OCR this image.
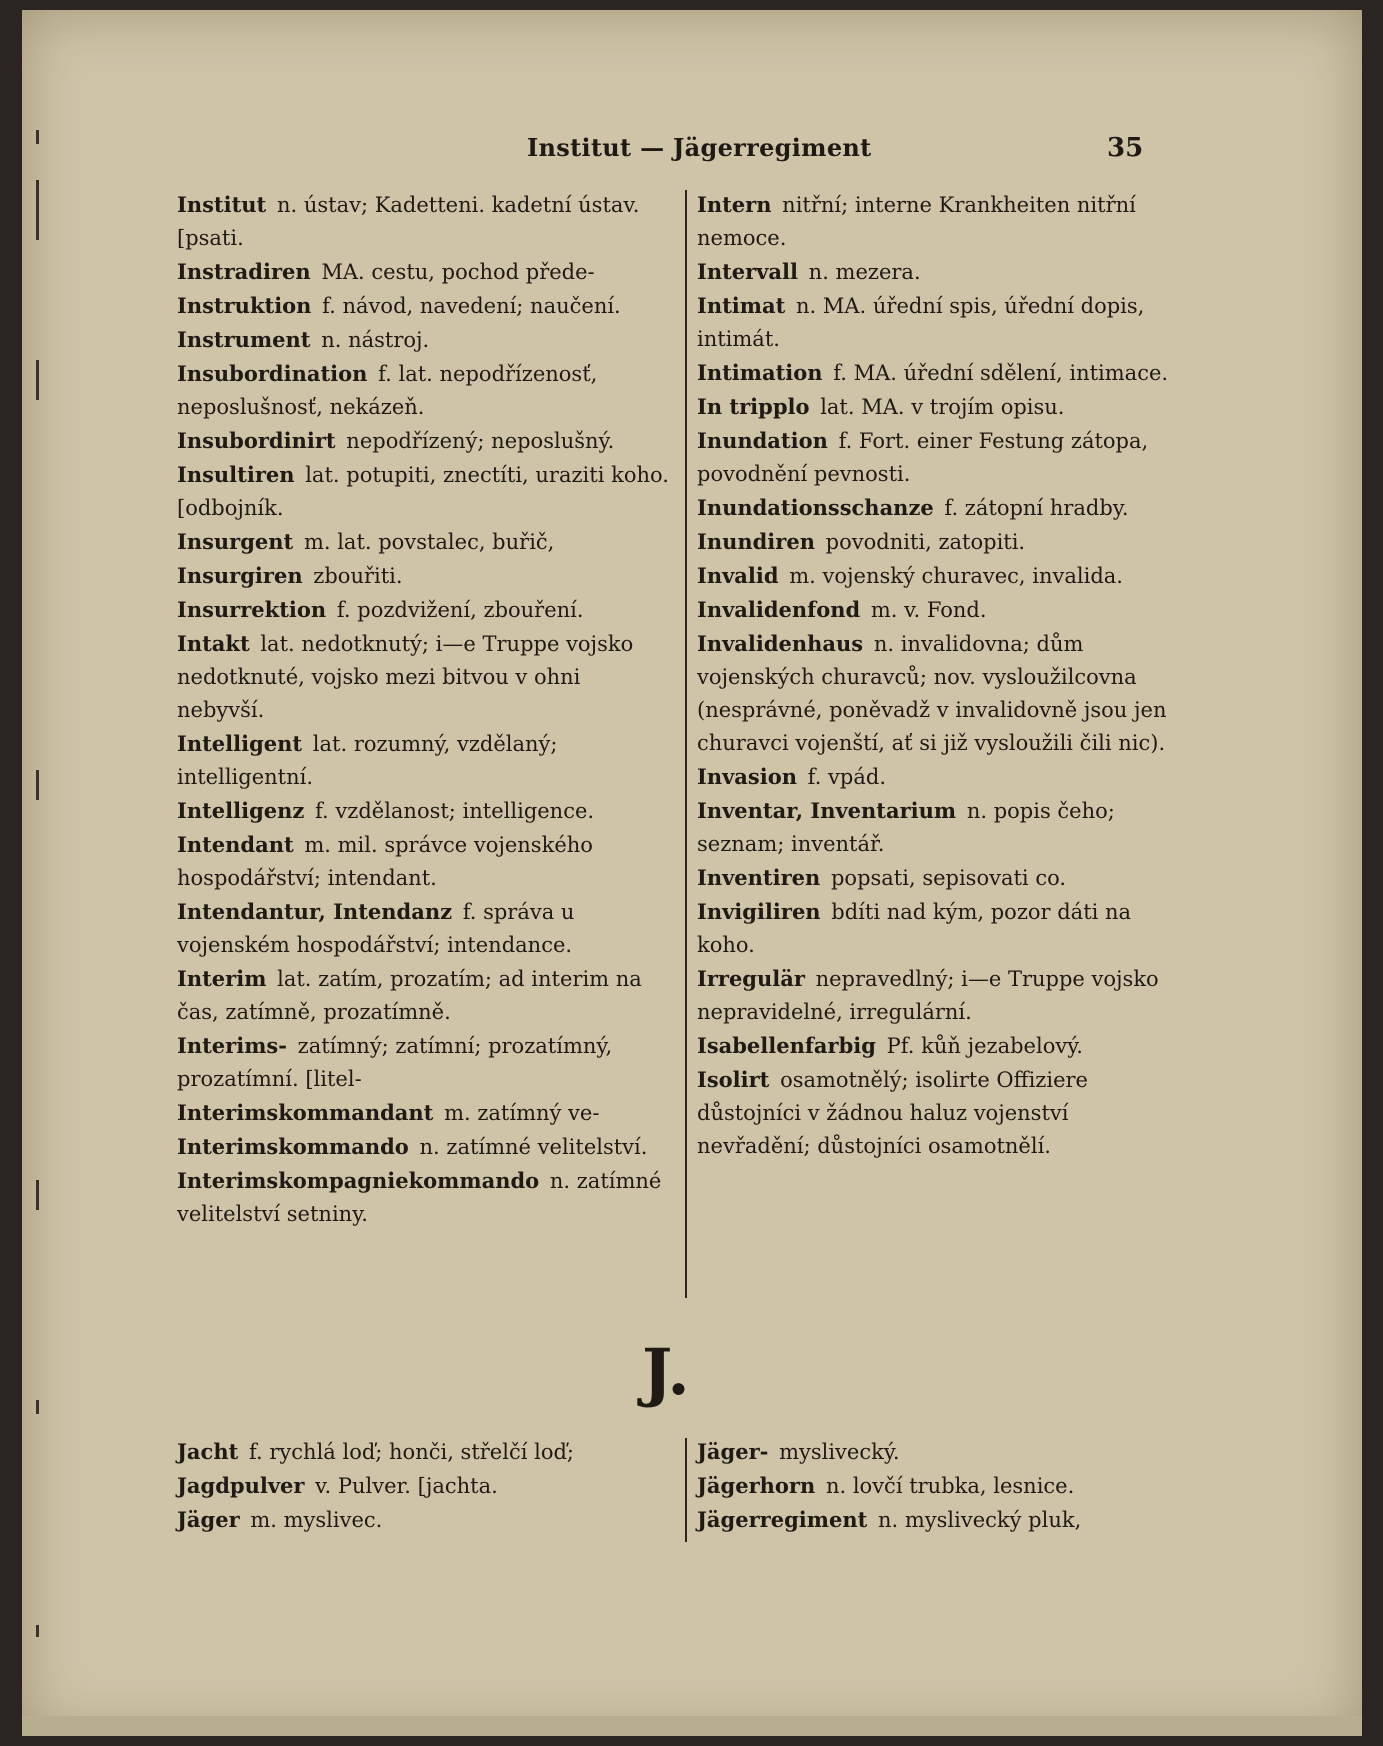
Institut — Jägerregiment	35

Institut n. ústav; Kadetteni. kadetní ústav. [psati.

Instradiren MA. cestu, pochod přede-

Instruktion f. návod, navedení; naučení.

Instrument n. nástroj.

Insubordination f. lat. nepodřízenosť, neposlušnosť, nekázeň.

Insubordinirt nepodřízený; neposlušný.

Insultiren lat. potupiti, znectíti, uraziti koho. [odbojník.

Insurgent m. lat. povstalec, buřič,

Insurgiren zbouřiti.

Insurrektion f. pozdvižení, zbouření.

Intakt lat. nedotknutý; i—e Truppe vojsko nedotknuté, vojsko mezi bitvou v ohni nebyvší.

Intelligent lat. rozumný, vzdělaný; intelligentní.

Intelligenz f. vzdělanost; intelligence.

Intendant m. mil. správce vojenského hospodářství; intendant.

Intendantur, Intendanz f. správa u vojenském hospodářství; intendance.

Interim lat. zatím, prozatím; ad interim na čas, zatímně, prozatímně.

Interims- zatímný; zatímní; prozatímný, prozatímní. [litel-

Interimskommandant m. zatímný ve-

Interimskommando n. zatímné velitelství.

Interimskompagniekommando n. zatímné velitelství setniny.

Intern nitřní; interne Krankheiten nitřní nemoce.

Intervall n. mezera.

Intimat n. MA. úřední spis, úřední dopis, intimát.

Intimation f. MA. úřední sdělení, intimace.

In tripplo lat. MA. v trojím opisu.

Inundation f. Fort. einer Festung zátopa, povodnění pevnosti.

Inundationsschanze f. zátopní hradby.

Inundiren povodniti, zatopiti.

Invalid m. vojenský churavec, invalida.

Invalidenfond m. v. Fond.

Invalidenhaus n. invalidovna; dům vojenských churavců; nov. vysloužilcovna (nesprávné, poněvadž v invalidovně jsou jen churavci vojenští, ať si již vysloužili čili nic).

Invasion f. vpád.

Inventar, Inventarium n. popis čeho; seznam; inventář.

Inventiren popsati, sepisovati co.

Invigiliren bdíti nad kým, pozor dáti na koho.

Irregulär nepravedlný; i—e Truppe vojsko nepravidelné, irregulární.

Isabellenfarbig Pf. kůň jezabelový.

Isolirt osamotnělý; isolirte Offiziere důstojníci v žádnou haluz vojenství nevřadění; důstojníci osamotnělí.

J.

Jacht f. rychlá loď; honči, střelčí loď;

Jagdpulver v. Pulver. [jachta.

Jäger m. myslivec.

Jäger- myslivecký.

Jägerhorn n. lovčí trubka, lesnice.

Jägerregiment n. myslivecký pluk,
